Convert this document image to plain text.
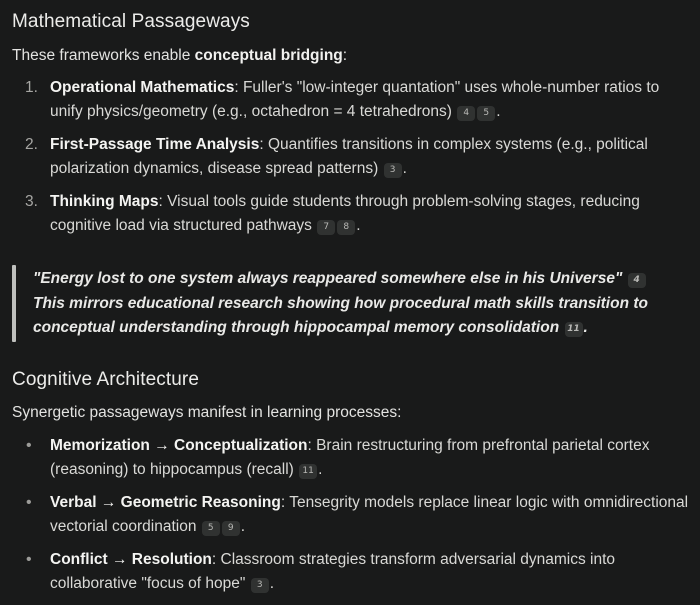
Mathematical Passageways

These frameworks enable conceptual bridging:

1. Operational Mathematics: Fuller's "low-integer quantation" uses whole-number ratios to unify physics/geometry (e.g., octahedron = 4 tetrahedrons) 4 5 .
2. First-Passage Time Analysis: Quantifies transitions in complex systems (e.g., political polarization dynamics, disease spread patterns) 3 .
3. Thinking Maps: Visual tools guide students through problem-solving stages, reducing cognitive load via structured pathways 7 8 .
"Energy lost to one system always reappeared somewhere else in his Universe" 4
This mirrors educational research showing how procedural math skills transition to
conceptual understanding through hippocampal memory consolidation 11 .
Cognitive Architecture

Synergetic passageways manifest in learning processes:

• Memorization → Conceptualization: Brain restructuring from prefrontal parietal cortex (reasoning) to hippocampus (recall) 11 .
• Verbal → Geometric Reasoning: Tensegrity models replace linear logic with omnidirectional vectorial coordination 5 9 .
• Conflict → Resolution: Classroom strategies transform adversarial dynamics into collaborative "focus of hope" 3 .
